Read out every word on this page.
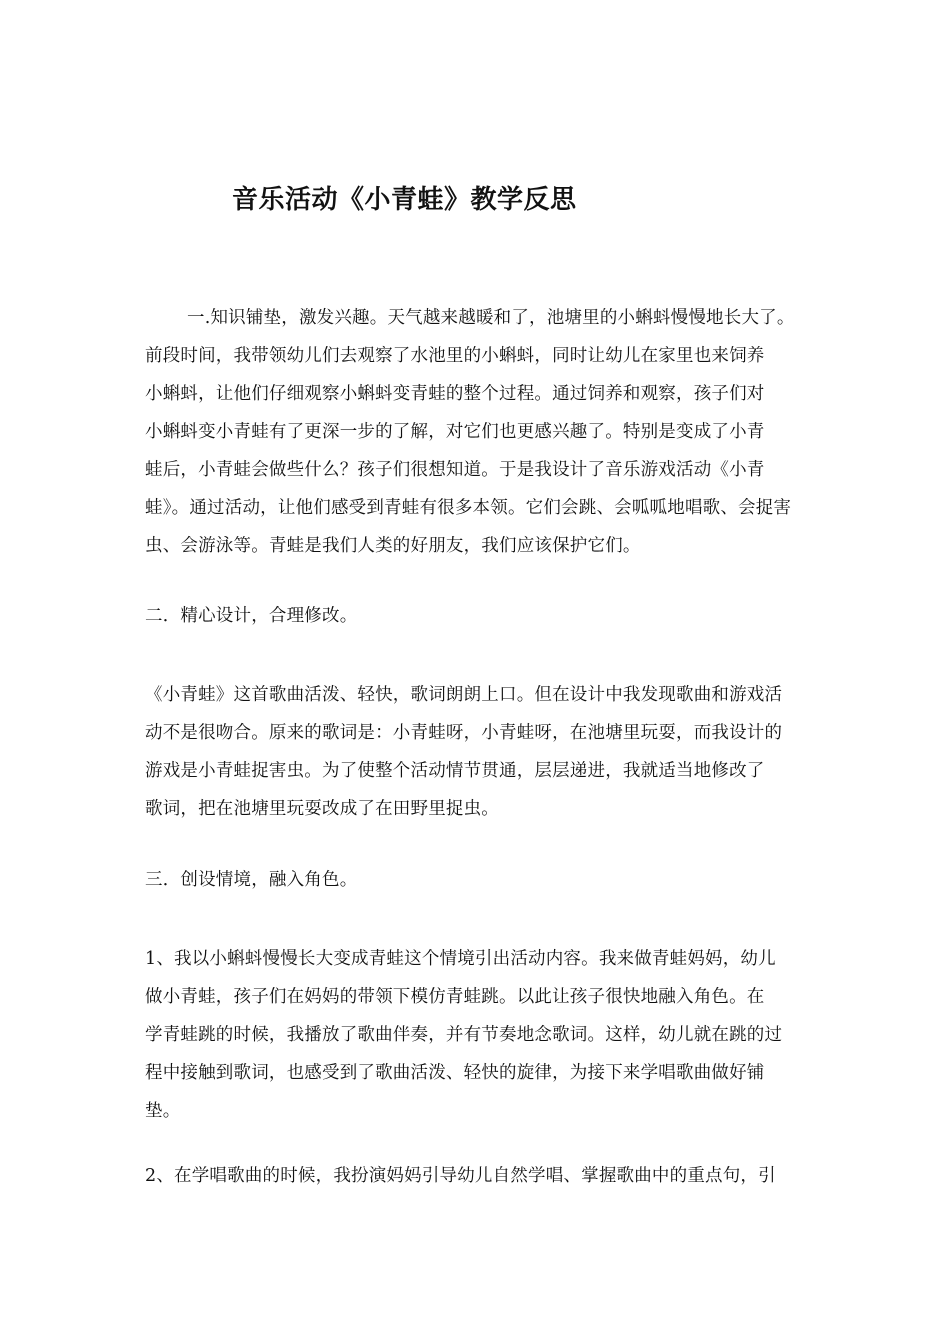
音乐活动《小青蛙》教学反思
一.知识铺垫，激发兴趣。天气越来越暖和了，池塘里的小蝌蚪慢慢地长大了。
前段时间，我带领幼儿们去观察了水池里的小蝌蚪，同时让幼儿在家里也来饲养
小蝌蚪，让他们仔细观察小蝌蚪变青蛙的整个过程。通过饲养和观察，孩子们对
小蝌蚪变小青蛙有了更深一步的了解，对它们也更感兴趣了。特别是变成了小青
蛙后，小青蛙会做些什么？孩子们很想知道。于是我设计了音乐游戏活动《小青
蛙》。通过活动，让他们感受到青蛙有很多本领。它们会跳、会呱呱地唱歌、会捉害
虫、会游泳等。青蛙是我们人类的好朋友，我们应该保护它们。
二．精心设计，合理修改。
《小青蛙》这首歌曲活泼、轻快，歌词朗朗上口。但在设计中我发现歌曲和游戏活
动不是很吻合。原来的歌词是：小青蛙呀，小青蛙呀，在池塘里玩耍，而我设计的
游戏是小青蛙捉害虫。为了使整个活动情节贯通，层层递进，我就适当地修改了
歌词，把在池塘里玩耍改成了在田野里捉虫。
三．创设情境，融入角色。
1、我以小蝌蚪慢慢长大变成青蛙这个情境引出活动内容。我来做青蛙妈妈，幼儿
做小青蛙，孩子们在妈妈的带领下模仿青蛙跳。以此让孩子很快地融入角色。在
学青蛙跳的时候，我播放了歌曲伴奏，并有节奏地念歌词。这样，幼儿就在跳的过
程中接触到歌词，也感受到了歌曲活泼、轻快的旋律，为接下来学唱歌曲做好铺
垫。
2、在学唱歌曲的时候，我扮演妈妈引导幼儿自然学唱、掌握歌曲中的重点句，引
